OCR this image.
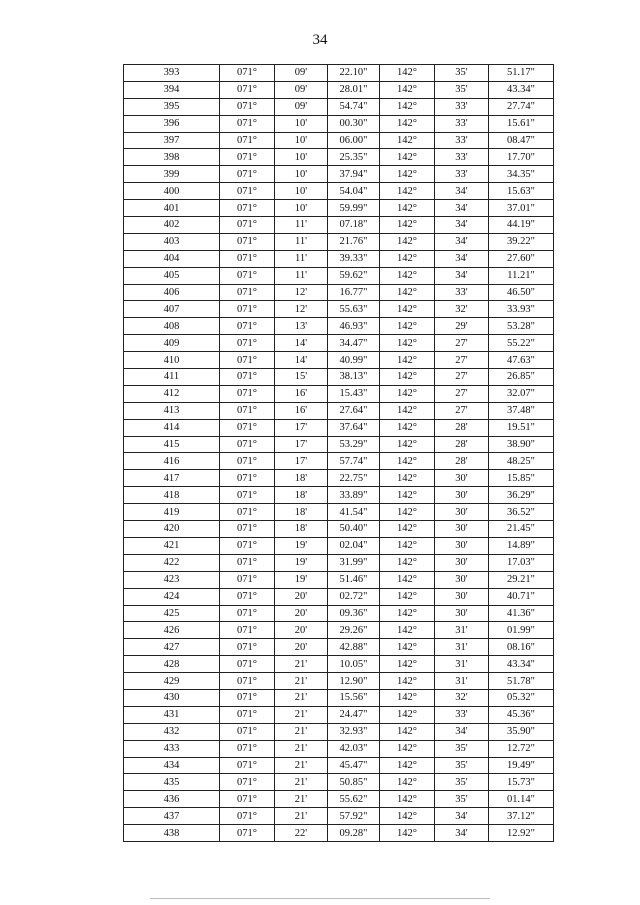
34
393	071°	09'	22.10"	142°	35'	51.17"
394	071°	09'	28.01"	142°	35'	43.34"
395	071°	09'	54.74"	142°	33'	27.74"
396	071°	10'	00.30"	142°	33'	15.61"
397	071°	10'	06.00"	142°	33'	08.47"
398	071°	10'	25.35"	142°	33'	17.70"
399	071°	10'	37.94"	142°	33'	34.35"
400	071°	10'	54.04"	142°	34'	15.63"
401	071°	10'	59.99"	142°	34'	37.01"
402	071°	11'	07.18"	142°	34'	44.19"
403	071°	11'	21.76"	142°	34'	39.22"
404	071°	11'	39.33"	142°	34'	27.60"
405	071°	11'	59.62"	142°	34'	11.21"
406	071°	12'	16.77"	142°	33'	46.50"
407	071°	12'	55.63"	142°	32'	33.93"
408	071°	13'	46.93"	142°	29'	53.28"
409	071°	14'	34.47"	142°	27'	55.22"
410	071°	14'	40.99"	142°	27'	47.63"
411	071°	15'	38.13"	142°	27'	26.85"
412	071°	16'	15.43"	142°	27'	32.07"
413	071°	16'	27.64"	142°	27'	37.48"
414	071°	17'	37.64"	142°	28'	19.51"
415	071°	17'	53.29"	142°	28'	38.90"
416	071°	17'	57.74"	142°	28'	48.25"
417	071°	18'	22.75"	142°	30'	15.85"
418	071°	18'	33.89"	142°	30'	36.29"
419	071°	18'	41.54"	142°	30'	36.52"
420	071°	18'	50.40"	142°	30'	21.45"
421	071°	19'	02.04"	142°	30'	14.89"
422	071°	19'	31.99"	142°	30'	17.03"
423	071°	19'	51.46"	142°	30'	29.21"
424	071°	20'	02.72"	142°	30'	40.71"
425	071°	20'	09.36"	142°	30'	41.36"
426	071°	20'	29.26"	142°	31'	01.99"
427	071°	20'	42.88"	142°	31'	08.16"
428	071°	21'	10.05"	142°	31'	43.34"
429	071°	21'	12.90"	142°	31'	51.78"
430	071°	21'	15.56"	142°	32'	05.32"
431	071°	21'	24.47"	142°	33'	45.36"
432	071°	21'	32.93"	142°	34'	35.90"
433	071°	21'	42.03"	142°	35'	12.72"
434	071°	21'	45.47"	142°	35'	19.49"
435	071°	21'	50.85"	142°	35'	15.73"
436	071°	21'	55.62"	142°	35'	01.14"
437	071°	21'	57.92"	142°	34'	37.12"
438	071°	22'	09.28"	142°	34'	12.92"
